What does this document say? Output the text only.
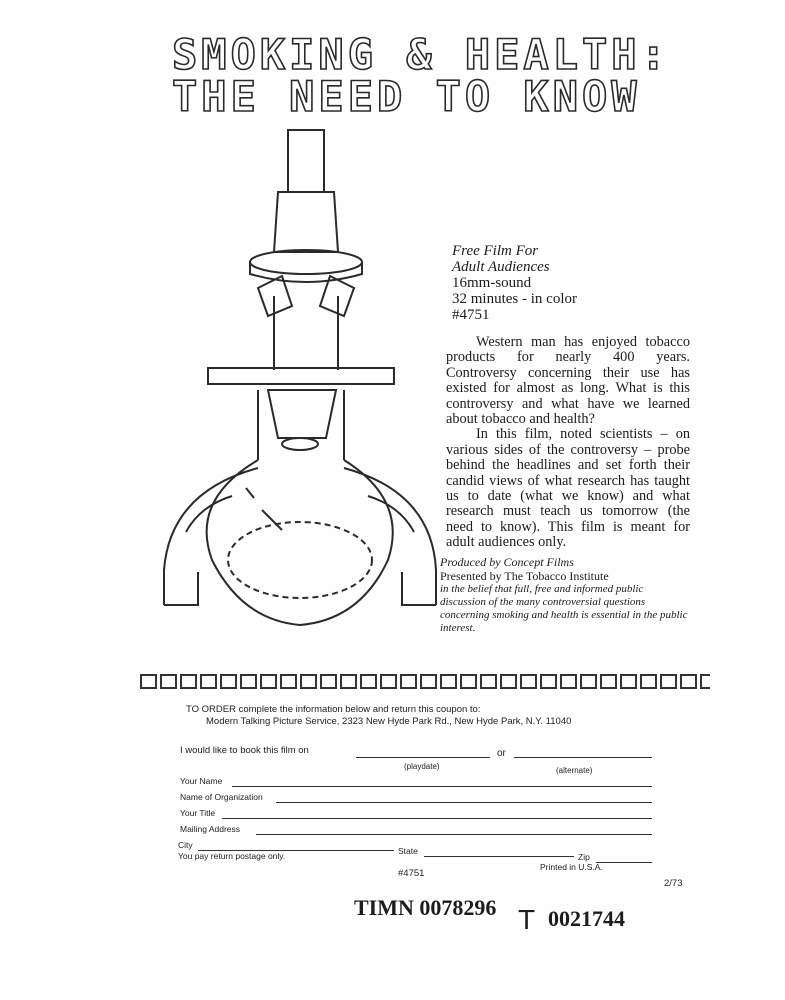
SMOKING & HEALTH:
THE NEED TO KNOW
Free Film For
Adult Audiences
16mm-sound
32 minutes - in color
#4751

Western man has enjoyed tobacco products for nearly 400 years. Controversy concerning their use has existed for almost as long. What is this controversy and what have we learned about tobacco and health?

In this film, noted scientists – on various sides of the controversy – probe behind the headlines and set forth their candid views of what research has taught us to date (what we know) and what research must teach us tomorrow (the need to know). This film is meant for adult audiences only.

Produced by Concept Films
Presented by The Tobacco Institute
in the belief that full, free and informed public discussion of the many controversial questions concerning smoking and health is essential in the public interest.
TO ORDER complete the information below and return this coupon to:
Modern Talking Picture Service, 2323 New Hyde Park Rd., New Hyde Park, N.Y. 11040
I would like to book this film on	or
(playdate)	(alternate)
Your Name
Name of Organization
Your Title
Mailing Address
City
State
Zip
You pay return postage only.
#4751
Printed in U.S.A.
2/73
TIMN 0078296 T 0021744
